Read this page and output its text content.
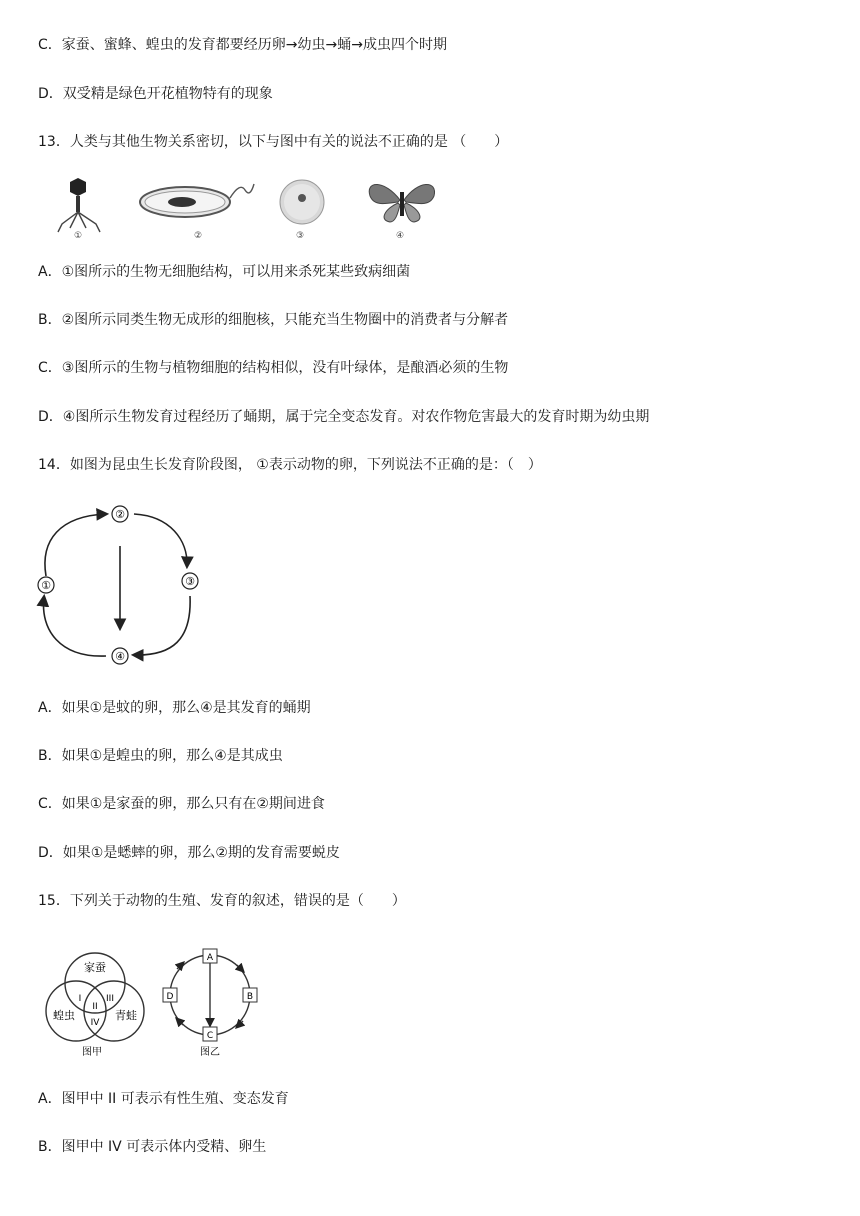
C．家蚕、蜜蜂、蝗虫的发育都要经历卵→幼虫→蛹→成虫四个时期
D．双受精是绿色开花植物特有的现象
13．人类与其他生物关系密切，以下与图中有关的说法不正确的是 （　　）
①	②	③	④
A．①图所示的生物无细胞结构，可以用来杀死某些致病细菌
B．②图所示同类生物无成形的细胞核，只能充当生物圈中的消费者与分解者
C．③图所示的生物与植物细胞的结构相似，没有叶绿体，是酿酒必须的生物
D．④图所示生物发育过程经历了蛹期，属于完全变态发育。对农作物危害最大的发育时期为幼虫期
14．如图为昆虫生长发育阶段图， ①表示动物的卵，下列说法不正确的是：（　）
①
②
③
④
A．如果①是蚊的卵，那么④是其发育的蛹期
B．如果①是蝗虫的卵，那么④是其成虫
C．如果①是家蚕的卵，那么只有在②期间进食
D．如果①是蟋蟀的卵，那么②期的发育需要蜕皮
15．下列关于动物的生殖、发育的叙述，错误的是（　　）
家蚕
蝗虫	青蛙
I
II
III
IV
图甲
A
B
C
D
图乙
A．图甲中 II 可表示有性生殖、变态发育
B．图甲中 IV 可表示体内受精、卵生
